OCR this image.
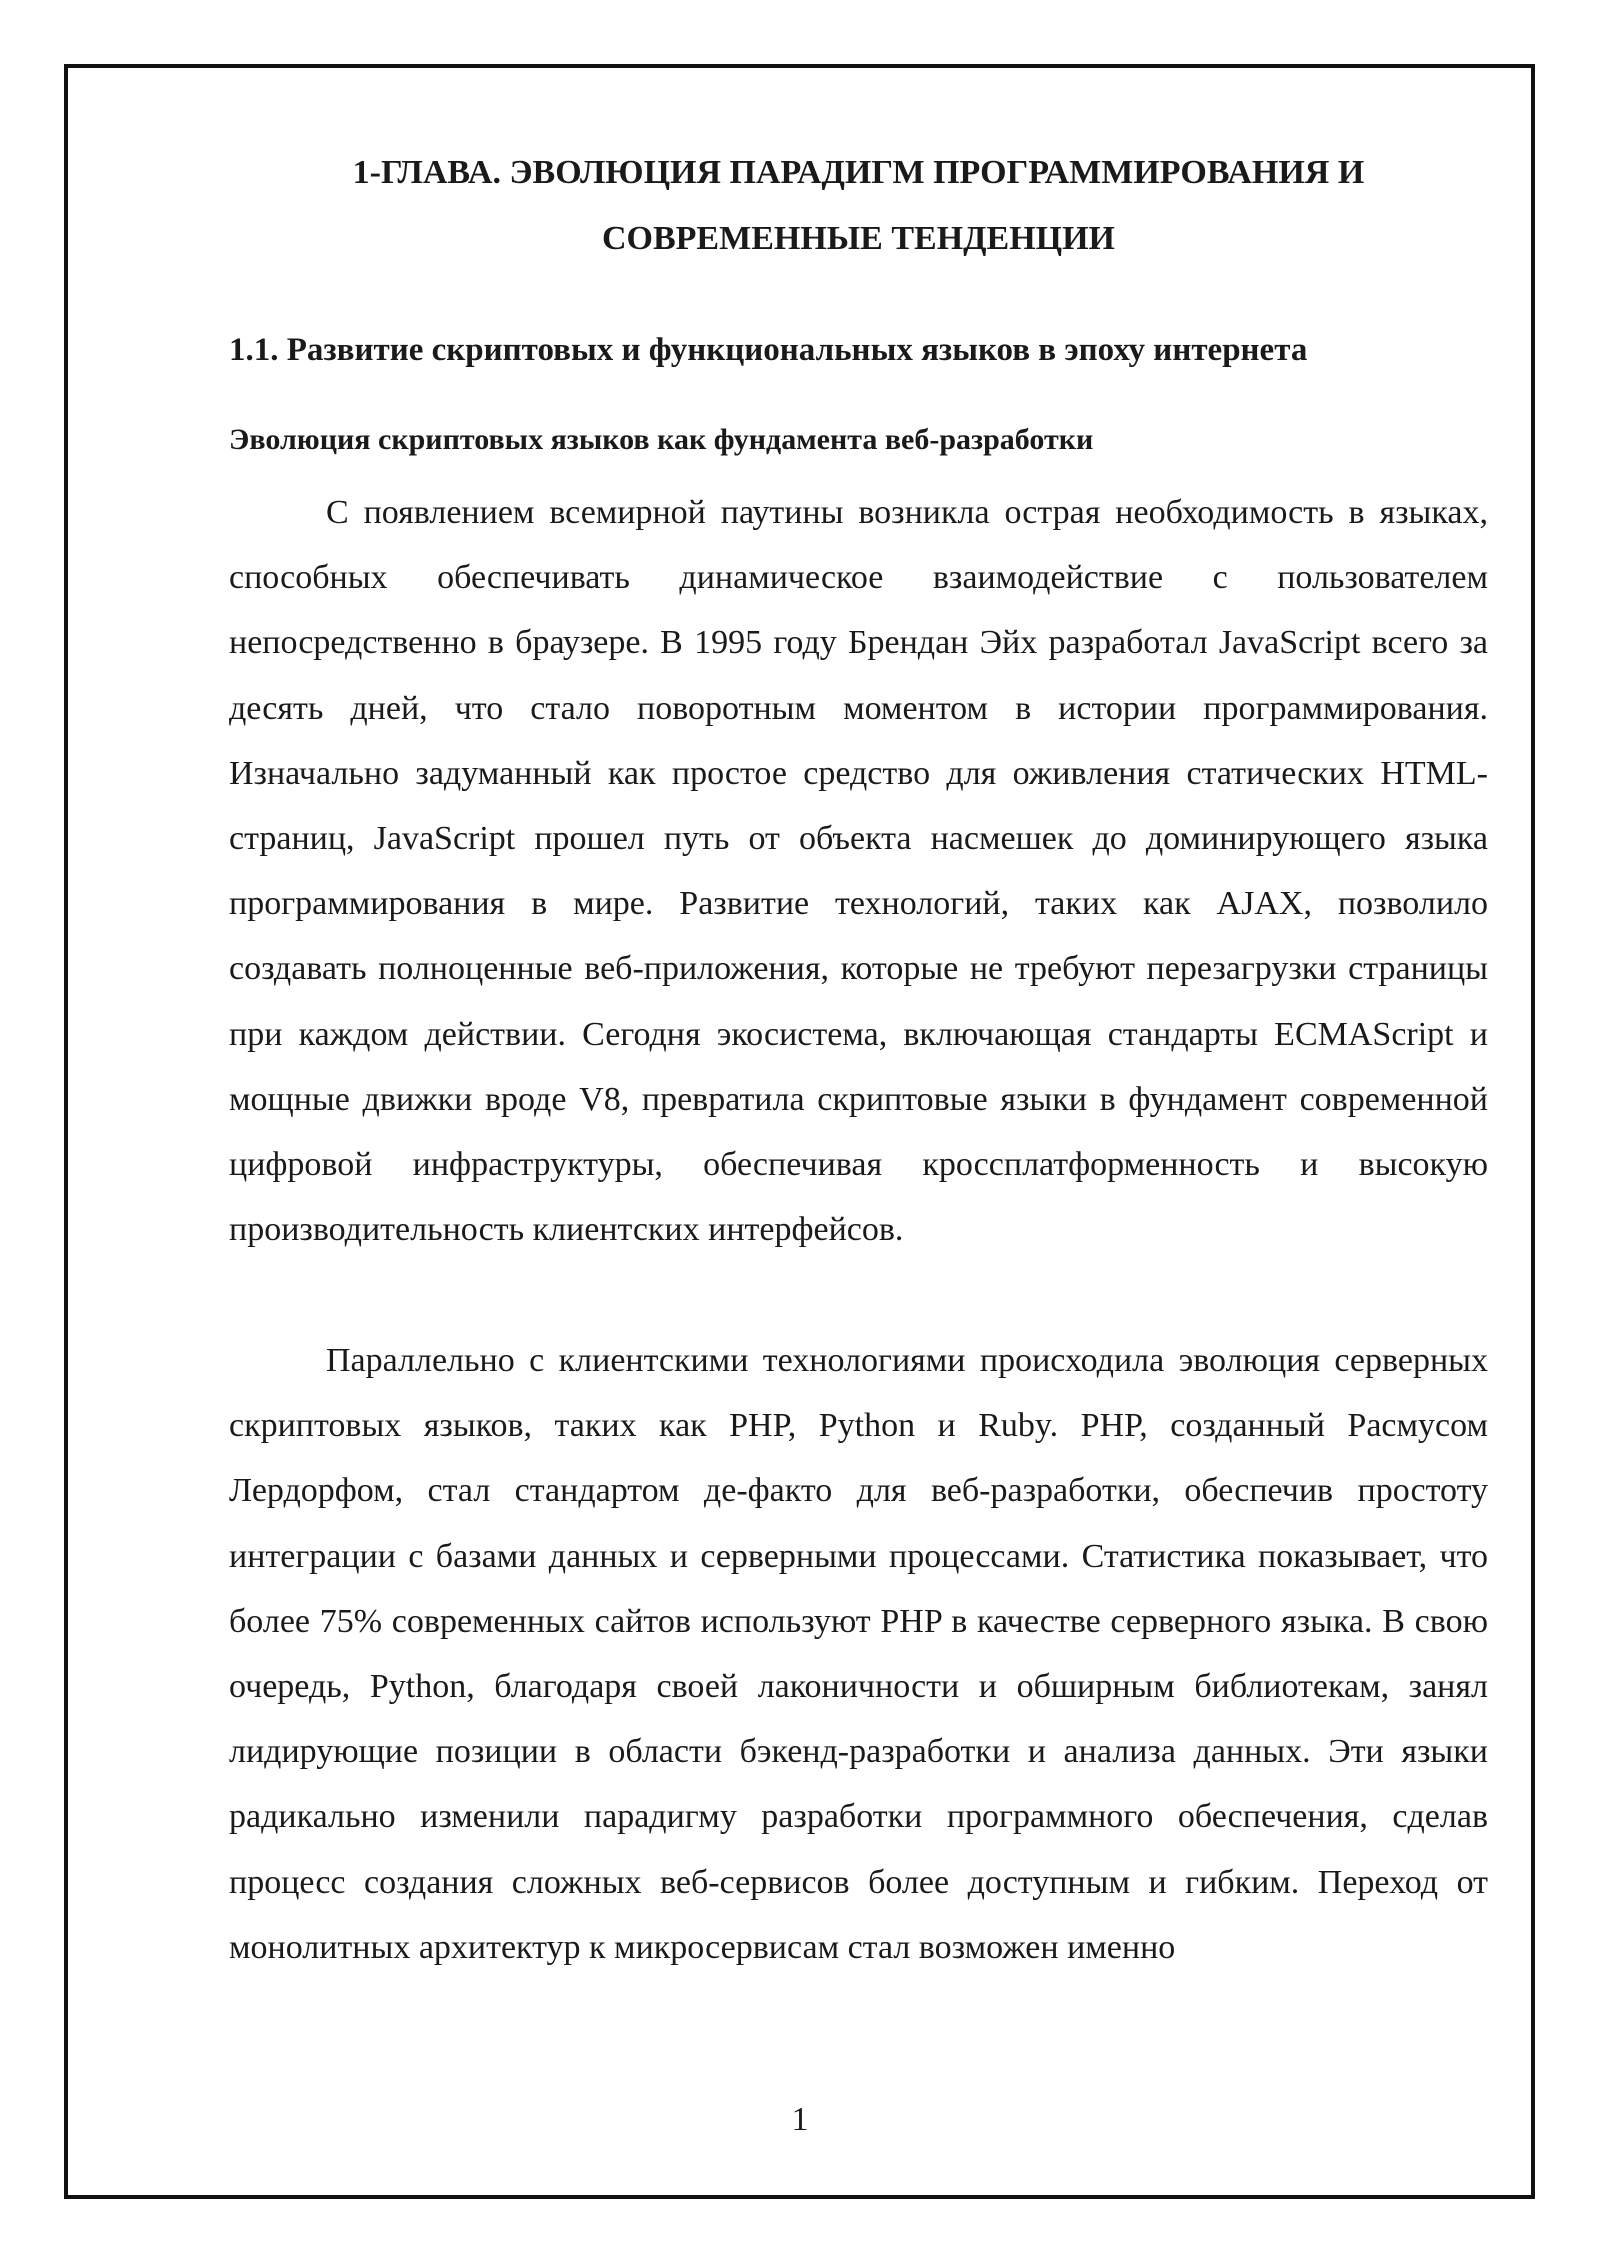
1-ГЛАВА. ЭВОЛЮЦИЯ ПАРАДИГМ ПРОГРАММИРОВАНИЯ И СОВРЕМЕННЫЕ ТЕНДЕНЦИИ
1.1. Развитие скриптовых и функциональных языков в эпоху интернета
Эволюция скриптовых языков как фундамента веб-разработки

С появлением всемирной паутины возникла острая необходимость в языках, способных обеспечивать динамическое взаимодействие с пользователем непосредственно в браузере. В 1995 году Брендан Эйх разработал JavaScript всего за десять дней, что стало поворотным моментом в истории программирования. Изначально задуманный как простое средство для оживления статических HTML-страниц, JavaScript прошел путь от объекта насмешек до доминирующего языка программирования в мире. Развитие технологий, таких как AJAX, позволило создавать полноценные веб-приложения, которые не требуют перезагрузки страницы при каждом действии. Сегодня экосистема, включающая стандарты ECMAScript и мощные движки вроде V8, превратила скриптовые языки в фундамент современной цифровой инфраструктуры, обеспечивая кроссплатформенность и высокую производительность клиентских интерфейсов.

Параллельно с клиентскими технологиями происходила эволюция серверных скриптовых языков, таких как PHP, Python и Ruby. PHP, созданный Расмусом Лердорфом, стал стандартом де-факто для веб-разработки, обеспечив простоту интеграции с базами данных и серверными процессами. Статистика показывает, что более 75% современных сайтов используют PHP в качестве серверного языка. В свою очередь, Python, благодаря своей лаконичности и обширным библиотекам, занял лидирующие позиции в области бэкенд-разработки и анализа данных. Эти языки радикально изменили парадигму разработки программного обеспечения, сделав процесс создания сложных веб-сервисов более доступным и гибким. Переход от монолитных архитектур к микросервисам стал возможен именно

1
